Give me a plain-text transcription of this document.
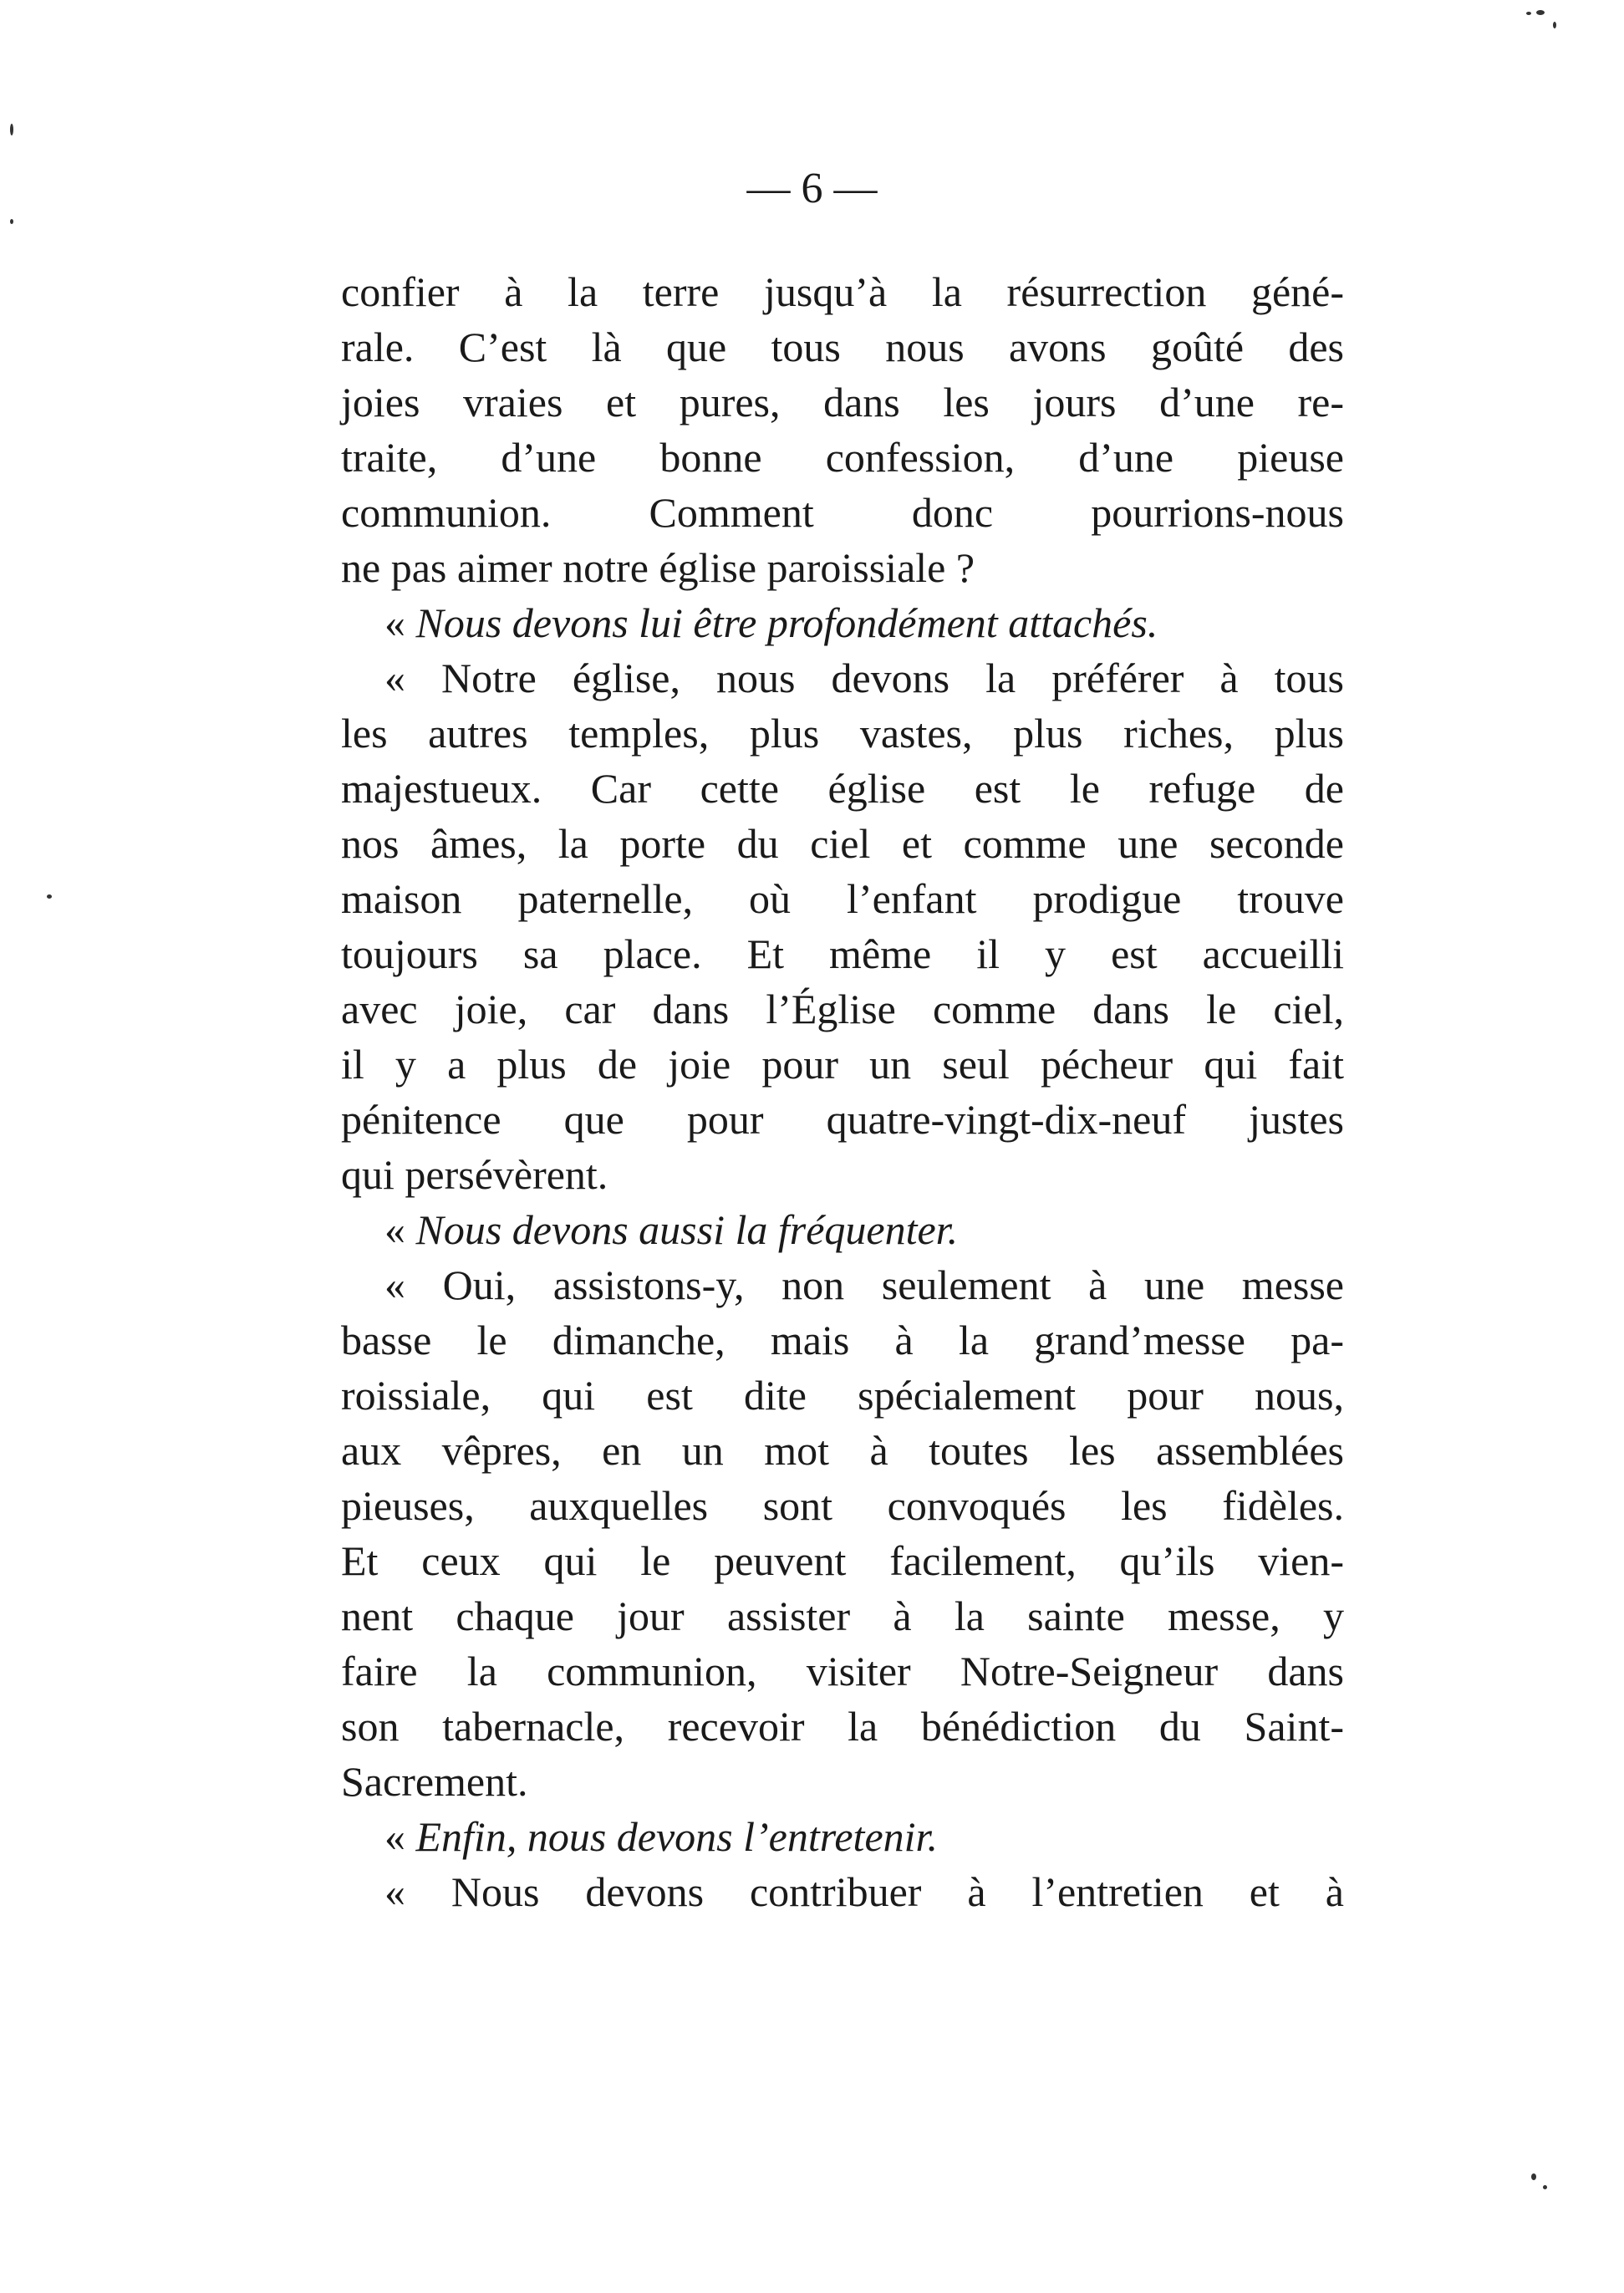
— 6 —
confier à la terre jusqu’à la résurrection géné-
rale. C’est là que tous nous avons goûté des
joies vraies et pures, dans les jours d’une re-
traite, d’une bonne confession, d’une pieuse
communion. Comment donc pourrions-nous
ne pas aimer notre église paroissiale ?
« Nous devons lui être profondément attachés.
« Notre église, nous devons la préférer à tous
les autres temples, plus vastes, plus riches, plus
majestueux. Car cette église est le refuge de
nos âmes, la porte du ciel et comme une seconde
maison paternelle, où l’enfant prodigue trouve
toujours sa place. Et même il y est accueilli
avec joie, car dans l’Église comme dans le ciel,
il y a plus de joie pour un seul pécheur qui fait
pénitence que pour quatre-vingt-dix-neuf justes
qui persévèrent.
« Nous devons aussi la fréquenter.
« Oui, assistons-y, non seulement à une messe
basse le dimanche, mais à la grand’messe pa-
roissiale, qui est dite spécialement pour nous,
aux vêpres, en un mot à toutes les assemblées
pieuses, auxquelles sont convoqués les fidèles.
Et ceux qui le peuvent facilement, qu’ils vien-
nent chaque jour assister à la sainte messe, y
faire la communion, visiter Notre-Seigneur dans
son tabernacle, recevoir la bénédiction du Saint-
Sacrement.
« Enfin, nous devons l’entretenir.
« Nous devons contribuer à l’entretien et à
